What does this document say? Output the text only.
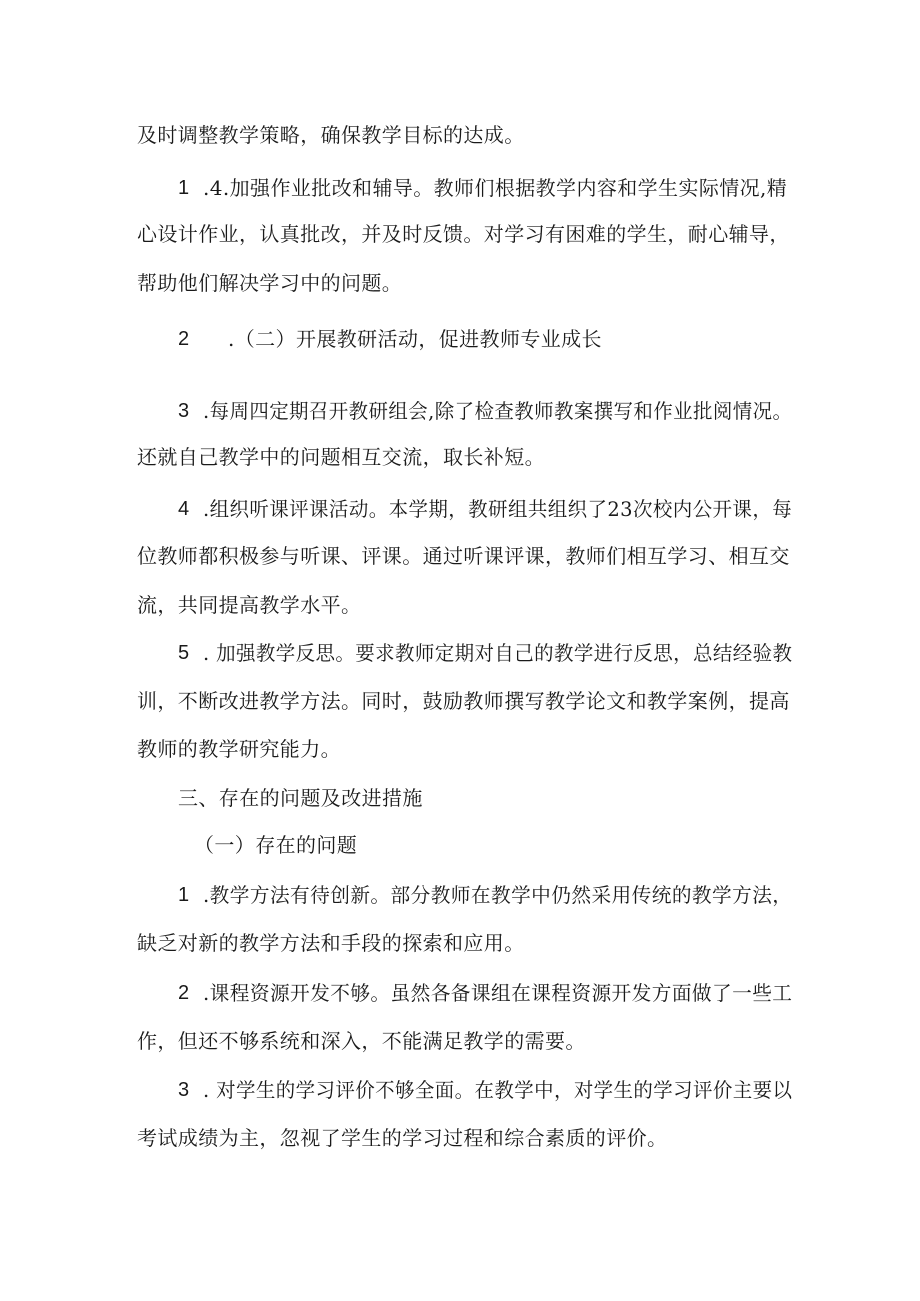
及时调整教学策略，确保教学目标的达成。
1 .4.加强作业批改和辅导。教师们根据教学内容和学生实际情况,精
心设计作业，认真批改，并及时反馈。对学习有困难的学生，耐心辅导，
帮助他们解决学习中的问题。
2 .（二）开展教研活动，促进教师专业成长
3 .每周四定期召开教研组会,除了检查教师教案撰写和作业批阅情况。
还就自己教学中的问题相互交流，取长补短。
4 .组织听课评课活动。本学期，教研组共组织了23次校内公开课，每
位教师都积极参与听课、评课。通过听课评课，教师们相互学习、相互交
流，共同提高教学水平。
5 . 加强教学反思。要求教师定期对自己的教学进行反思，总结经验教
训，不断改进教学方法。同时，鼓励教师撰写教学论文和教学案例，提高
教师的教学研究能力。
三、存在的问题及改进措施
（一）存在的问题
1 .教学方法有待创新。部分教师在教学中仍然采用传统的教学方法，
缺乏对新的教学方法和手段的探索和应用。
2 .课程资源开发不够。虽然各备课组在课程资源开发方面做了一些工
作，但还不够系统和深入，不能满足教学的需要。
3 . 对学生的学习评价不够全面。在教学中，对学生的学习评价主要以
考试成绩为主，忽视了学生的学习过程和综合素质的评价。
